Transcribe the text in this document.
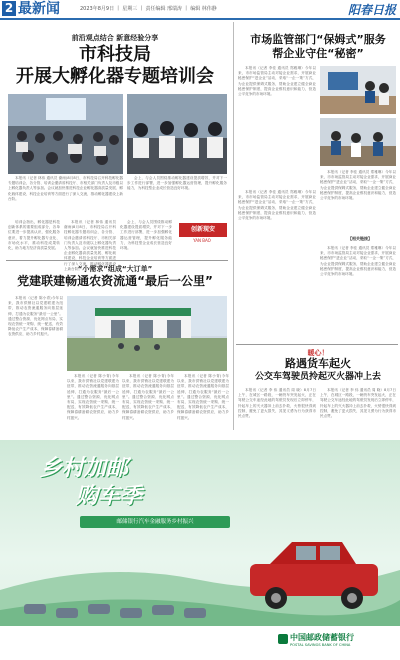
2 最新闻	2023年8月9日 丨 星期三 丨 责任编辑 邢瑞涛 丨 编辑 林伟静	阳春日报
前沿观点结合 新意经验分享
市科技局
开展大孵化器专题培训会

本报讯（记者 林伟 通讯员 谢雨)8月8日，市科技局召开科技孵化器专题培训会，各分管、培训会邀请省科技厅、市相关部门负责人及市级以上孵化器负责人等参加。会议就加快推进科技企业孵化器高质量发展、孵化载体建设、科技企业培育等方面进行了深入交流，推动孵化器建设上新台阶。

会上，与会人员围绕推动孵化器建设提质增效，并对下一步工作进行部署，进一步加强孵化器运营管理，提升孵化服务能力，为科技型企业成长营造良好环境。

培训会指出，孵化器是科技创新体系的重要组成部分，各单位要进一步提高认识，强化服务意识，着力提升孵化器专业化、市场化水平，推动科技成果转化，助力地方经济高质量发展。

本报讯（记者 林伟 通讯员 谢雨)8月8日，市科技局召开科技孵化器专题培训会，各分管、培训会邀请省科技厅、市相关部门负责人及市级以上孵化器负责人等参加。会议就加快推进科技企业孵化器高质量发展、孵化载体建设、科技企业培育等方面进行了深入交流，推动孵化器建设上新台阶。

会上，与会人员围绕推动孵化器建设提质增效，并对下一步工作进行部署，进一步加强孵化器运营管理，提升孵化服务能力，为科技型企业成长营造良好环境。

创新现安
YAN BAO
“小需求”组成“大订单”
党建联建畅通农资流通“最后一公里”

本报讯（记者 陈小青)今年以来，我市供销社以党建联建为纽带，推动农资流通服务向基层延伸，打通为农服务“最后一公里”。通过整合资源、优化网点布局，实现农资统一采购、统一配送，有效降低农户生产成本，保障春耕备耕农资供应，助力乡村振兴。

本报讯（记者 陈小青)今年以来，我市供销社以党建联建为纽带，推动农资流通服务向基层延伸，打通为农服务“最后一公里”。通过整合资源、优化网点布局，实现农资统一采购、统一配送，有效降低农户生产成本，保障春耕备耕农资供应，助力乡村振兴。

本报讯（记者 陈小青)今年以来，我市供销社以党建联建为纽带，推动农资流通服务向基层延伸，打通为农服务“最后一公里”。通过整合资源、优化网点布局，实现农资统一采购、统一配送，有效降低农户生产成本，保障春耕备耕农资供应，助力乡村振兴。

本报讯（记者 陈小青)今年以来，我市供销社以党建联建为纽带，推动农资流通服务向基层延伸，打通为农服务“最后一公里”。通过整合资源、优化网点布局，实现农资统一采购、统一配送，有效降低农户生产成本，保障春耕备耕农资供应，助力乡村振兴。

市场监管部门“保姆式”服务
帮企业守住“秘密”

本报讯（记者 李佳 通讯员 郑雅琳）今年以来，市市场监管局主动对接企业需求，开展商业秘密保护“进企业”活动，采取“一企一策”方式，为企业提供保姆式服务，帮助企业建立健全商业秘密保护制度，提高企业维权意识和能力，营造公平竞争的市场环境。

本报讯（记者 李佳 通讯员 郑雅琳）今年以来，市市场监管局主动对接企业需求，开展商业秘密保护“进企业”活动，采取“一企一策”方式，为企业提供保姆式服务，帮助企业建立健全商业秘密保护制度，提高企业维权意识和能力，营造公平竞争的市场环境。

本报讯（记者 李佳 通讯员 郑雅琳）今年以来，市市场监管局主动对接企业需求，开展商业秘密保护“进企业”活动，采取“一企一策”方式，为企业提供保姆式服务，帮助企业建立健全商业秘密保护制度，提高企业维权意识和能力，营造公平竞争的市场环境。

【相关链接】

本报讯（记者 李佳 通讯员 郑雅琳）今年以来，市市场监管局主动对接企业需求，开展商业秘密保护“进企业”活动，采取“一企一策”方式，为企业提供保姆式服务，帮助企业建立健全商业秘密保护制度，提高企业维权意识和能力，营造公平竞争的市场环境。

暖心！
路遇货车起火
公交车驾驶员拎起灭火器冲上去

本报讯（记者 李 伟 通讯员 周 晓）8月7日上午，在城区一路段，一辆货车突发起火，正在驾驶公交车途经此地的驾驶员发现后立即停车，拎起车上的灭火器冲上前去扑救，火势很快得到控制，避免了更大损失，其见义勇为行为获得市民点赞。

本报讯（记者 李 伟 通讯员 周 晓）8月7日上午，在城区一路段，一辆货车突发起火，正在驾驶公交车途经此地的驾驶员发现后立即停车，拎起车上的灭火器冲上前去扑救，火势很快得到控制，避免了更大损失，其见义勇为行为获得市民点赞。

乡村加邮
购车季
邮储银行汽车金融服务乡村振兴
中国邮政储蓄银行
POSTAL SAVINGS BANK OF CHINA
